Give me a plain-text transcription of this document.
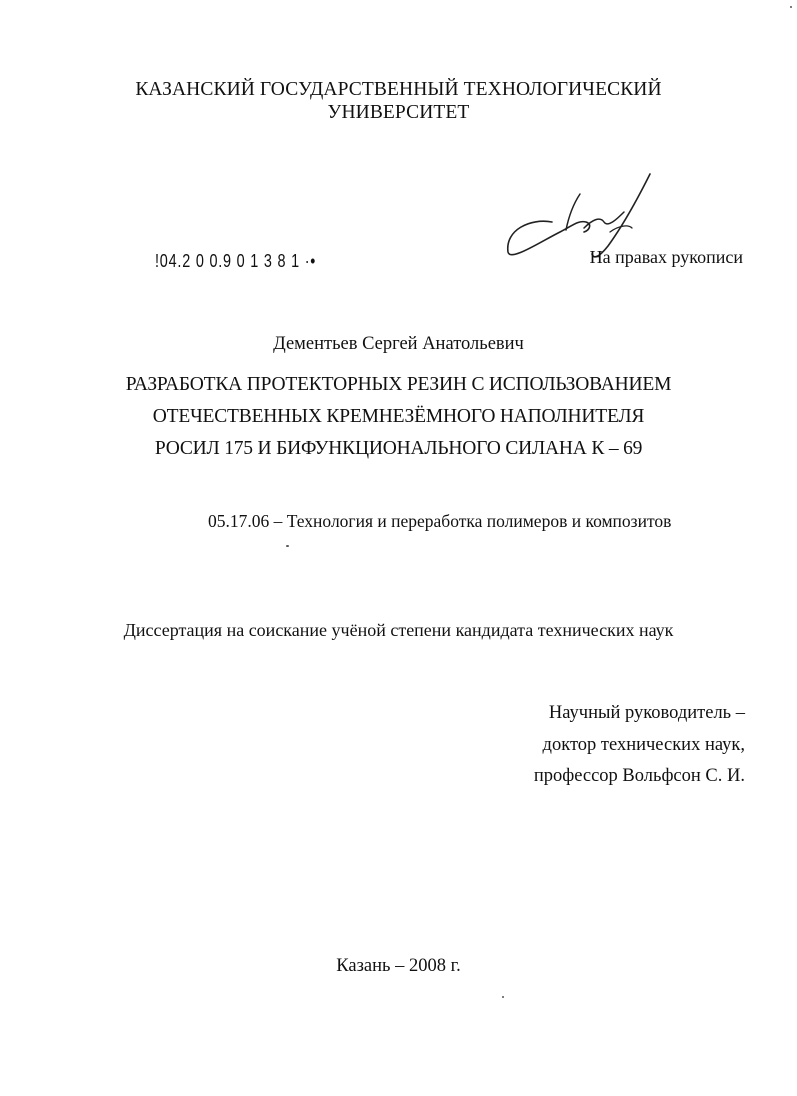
КАЗАНСКИЙ ГОСУДАРСТВЕННЫЙ ТЕХНОЛОГИЧЕСКИЙ
УНИВЕРСИТЕТ
!04.2 0 0.9 0 1 3 8 1 ·•	На правах рукописи
Дементьев Сергей Анатольевич
РАЗРАБОТКА ПРОТЕКТОРНЫХ РЕЗИН С ИСПОЛЬЗОВАНИЕМ
ОТЕЧЕСТВЕННЫХ КРЕМНЕЗЁМНОГО НАПОЛНИТЕЛЯ
РОСИЛ 175 И БИФУНКЦИОНАЛЬНОГО СИЛАНА К – 69
05.17.06 – Технология и переработка полимеров и композитов
Диссертация на соискание учёной степени кандидата технических наук
Научный руководитель –
доктор технических наук,
профессор Вольфсон С. И.
Казань – 2008 г.
